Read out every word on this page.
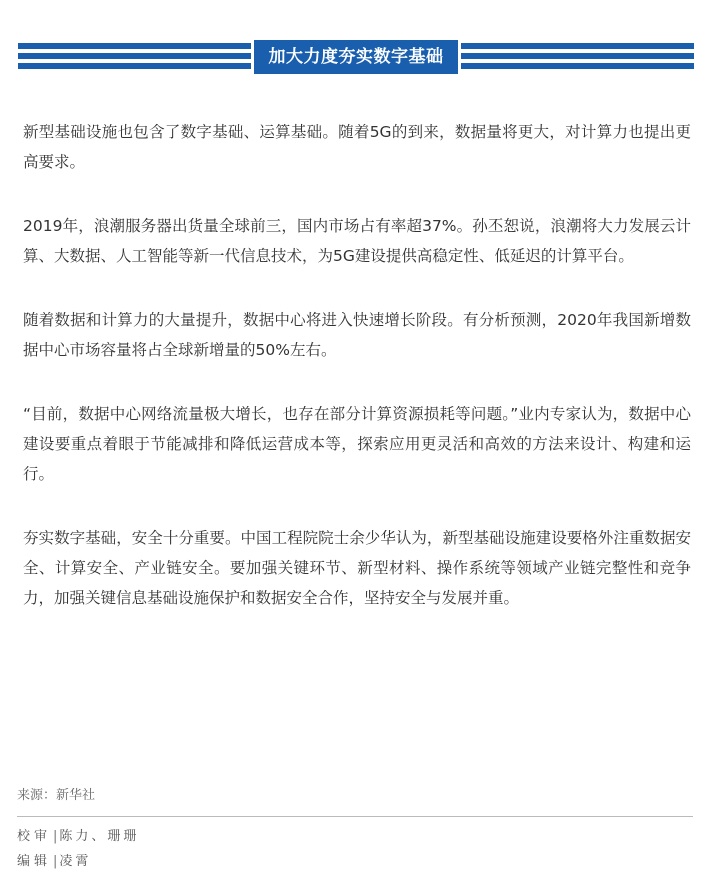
加大力度夯实数字基础

新型基础设施也包含了数字基础、运算基础。随着5G的到来，数据量将更大，对计算力也提出更高要求。

2019年，浪潮服务器出货量全球前三，国内市场占有率超37%。孙丕恕说，浪潮将大力发展云计算、大数据、人工智能等新一代信息技术，为5G建设提供高稳定性、低延迟的计算平台。

随着数据和计算力的大量提升，数据中心将进入快速增长阶段。有分析预测，2020年我国新增数据中心市场容量将占全球新增量的50%左右。

“目前，数据中心网络流量极大增长，也存在部分计算资源损耗等问题。”业内专家认为，数据中心建设要重点着眼于节能减排和降低运营成本等，探索应用更灵活和高效的方法来设计、构建和运行。

夯实数字基础，安全十分重要。中国工程院院士余少华认为，新型基础设施建设要格外注重数据安全、计算安全、产业链安全。要加强关键环节、新型材料、操作系统等领域产业链完整性和竞争力，加强关键信息基础设施保护和数据安全合作，坚持安全与发展并重。

来源：新华社
校审 | 陈力、珊珊
编辑 | 凌霄
